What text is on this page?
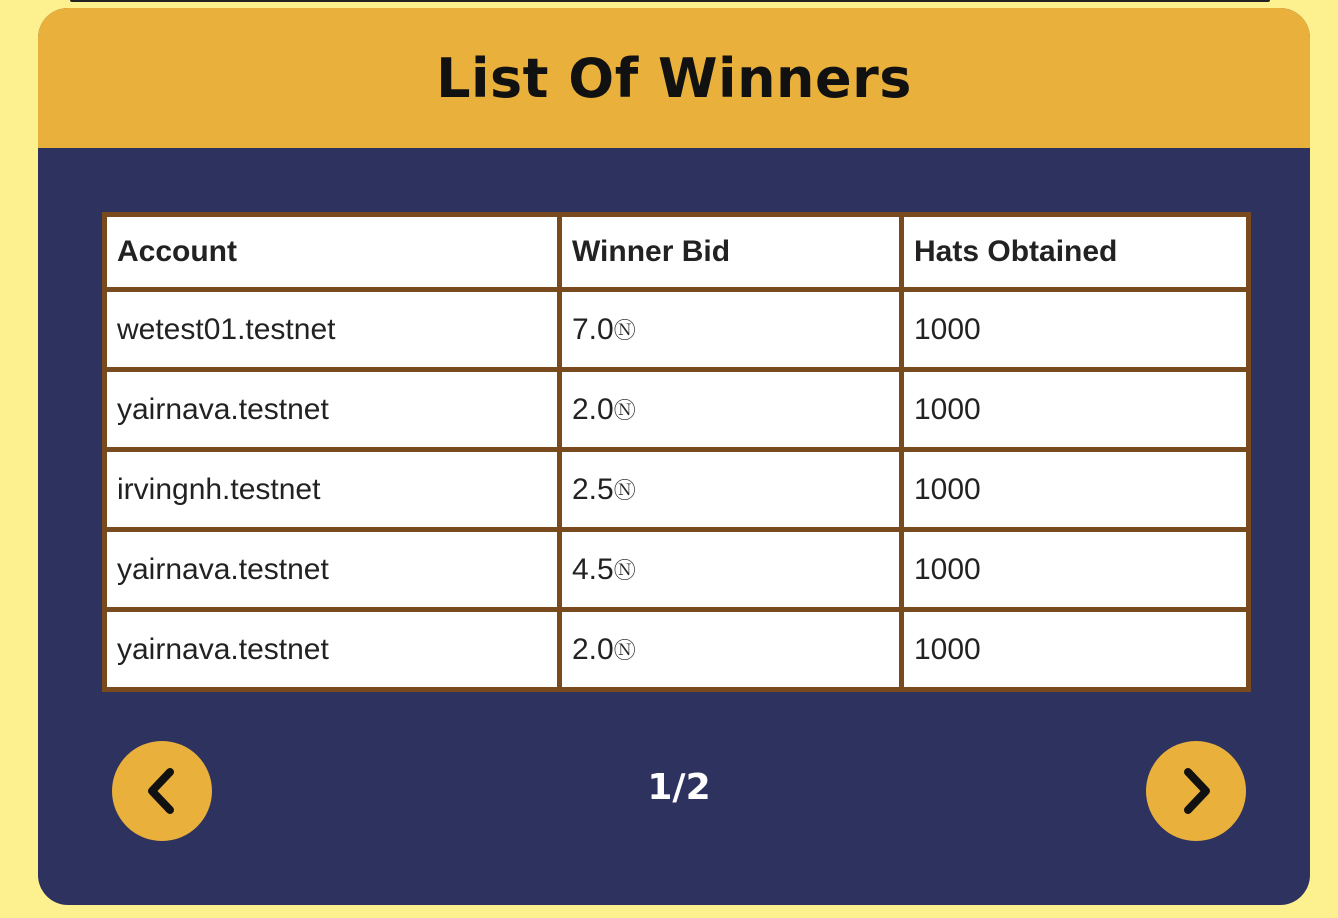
List Of Winners
Account	Winner Bid	Hats Obtained
wetest01.testnet	7.0Ⓝ	1000
yairnava.testnet	2.0Ⓝ	1000
irvingnh.testnet	2.5Ⓝ	1000
yairnava.testnet	4.5Ⓝ	1000
yairnava.testnet	2.0Ⓝ	1000
1/2
